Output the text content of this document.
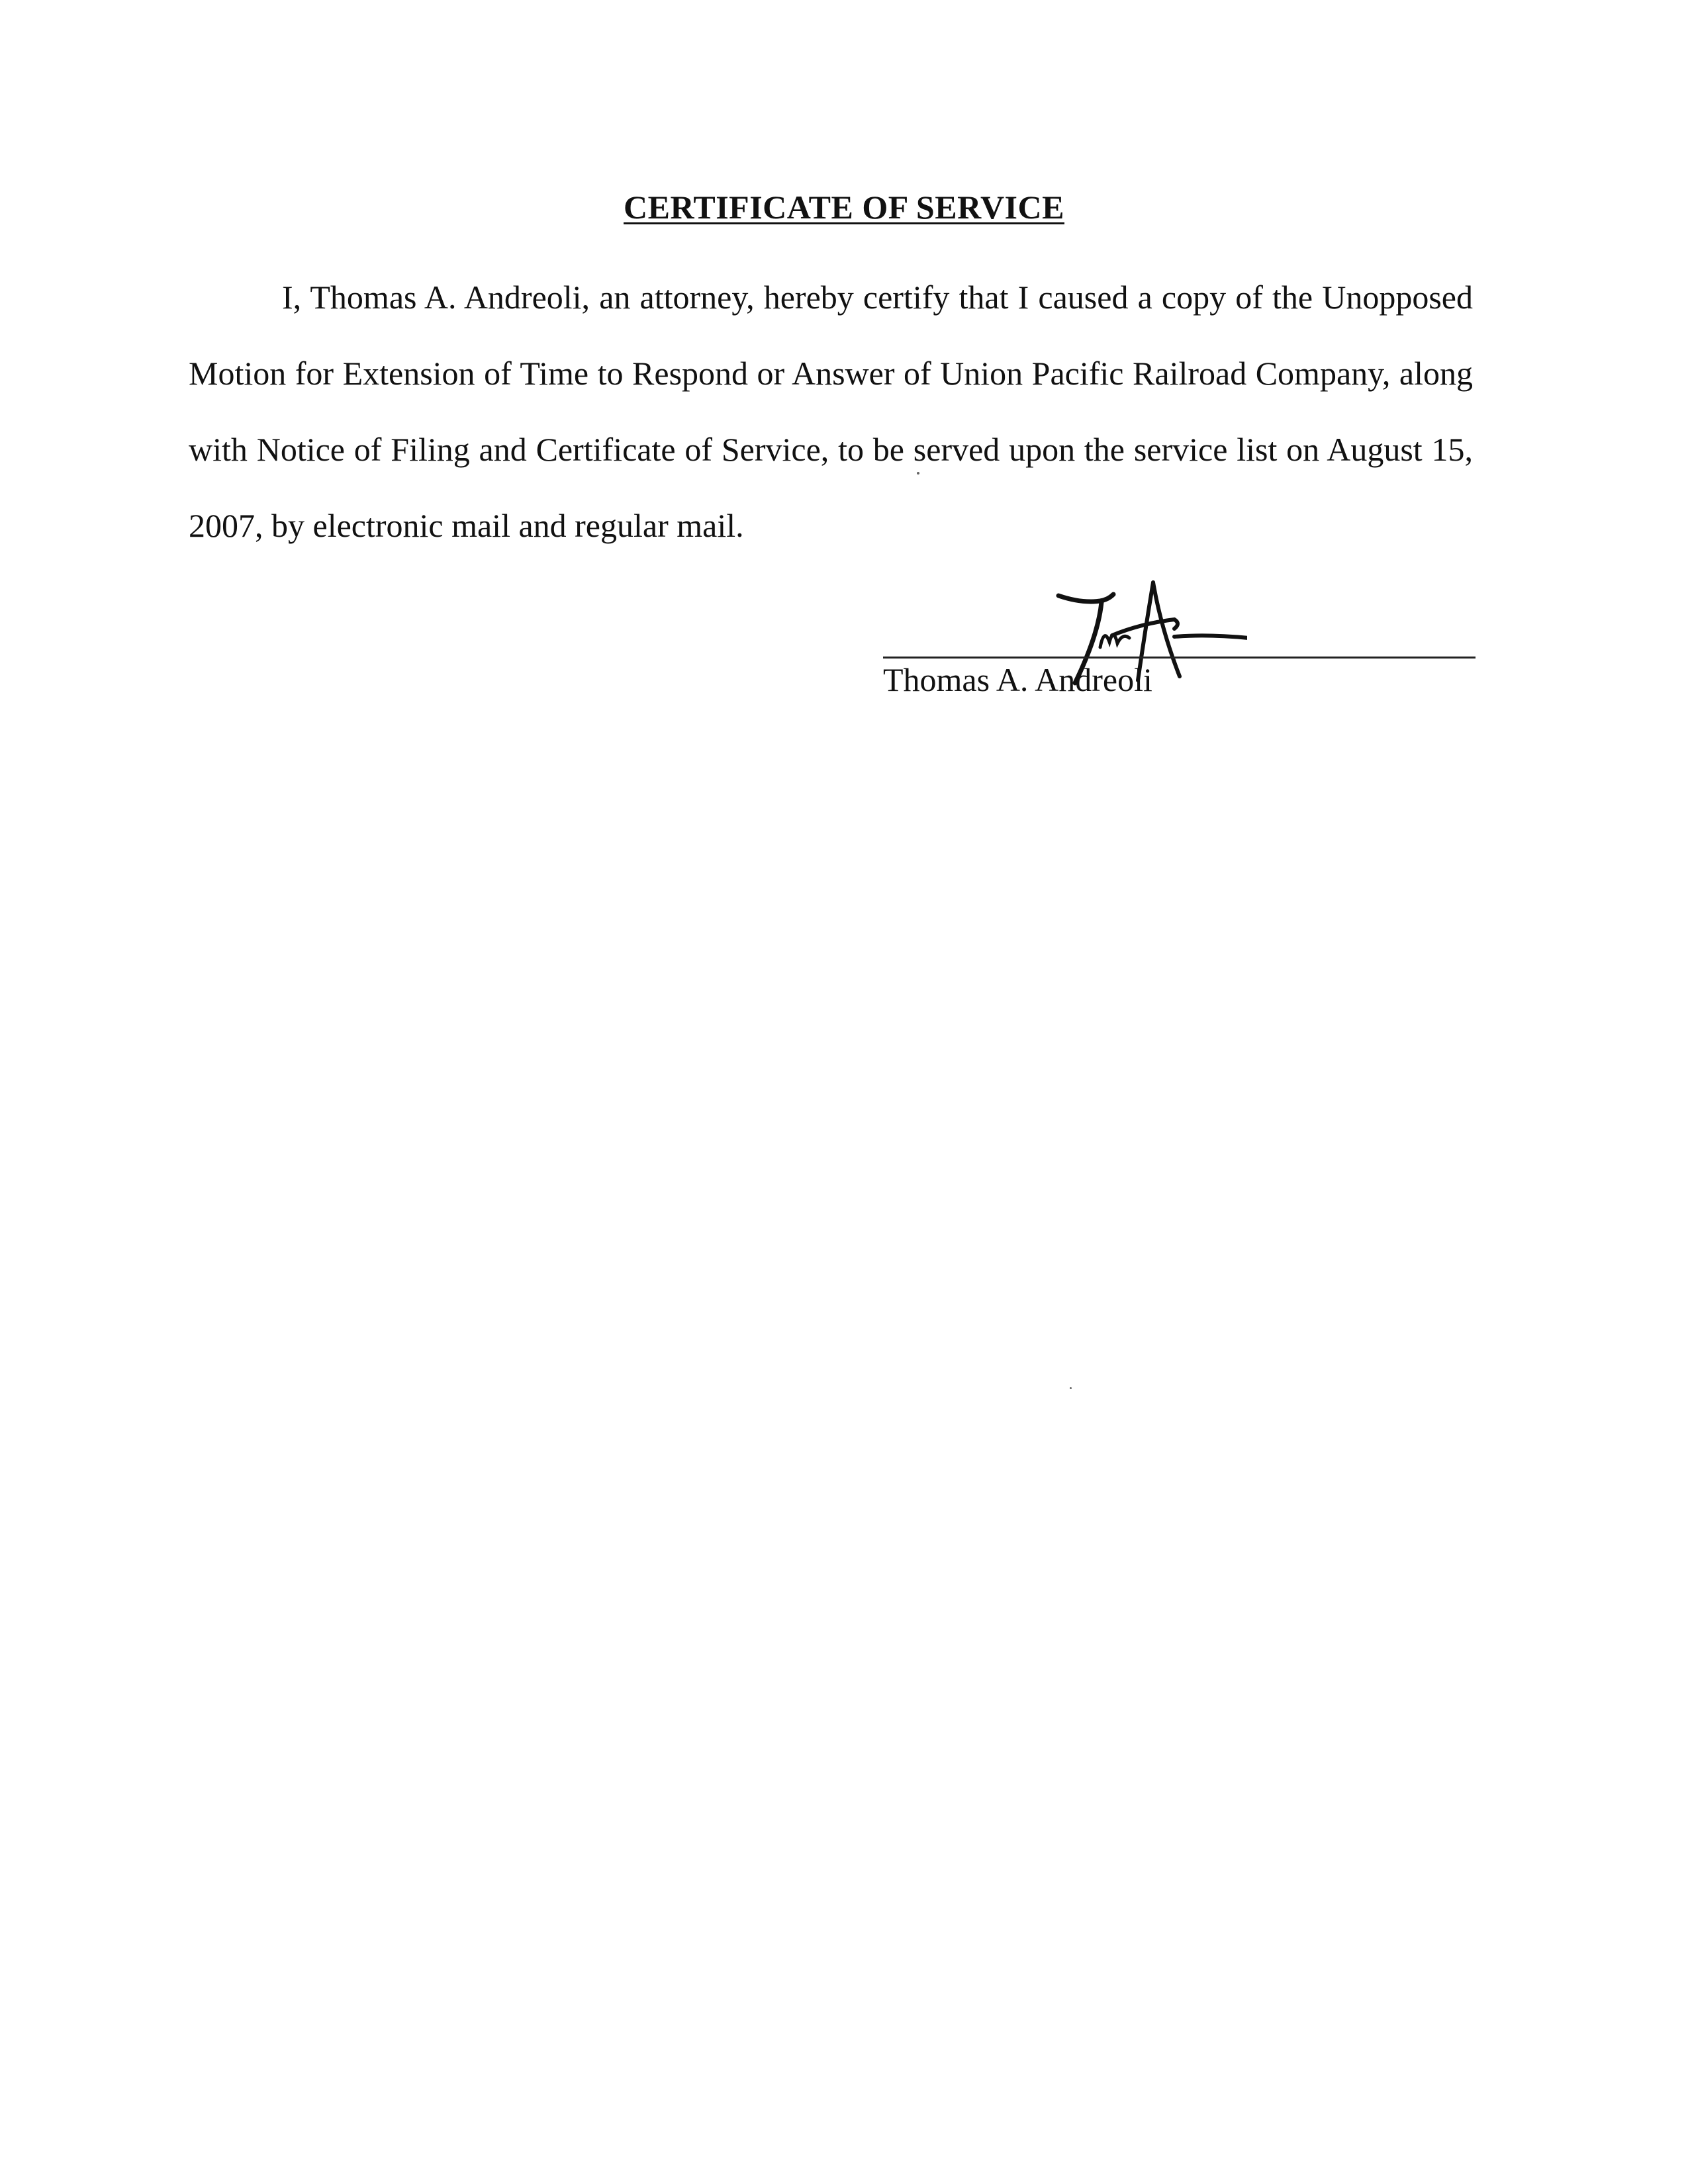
CERTIFICATE OF SERVICE

I, Thomas A. Andreoli, an attorney, hereby certify that I caused a copy of the Unopposed Motion for Extension of Time to Respond or Answer of Union Pacific Railroad Company, along with Notice of Filing and Certificate of Service, to be served upon the service list on August 15, 2007, by electronic mail and regular mail.

Thomas A. Andreoli
